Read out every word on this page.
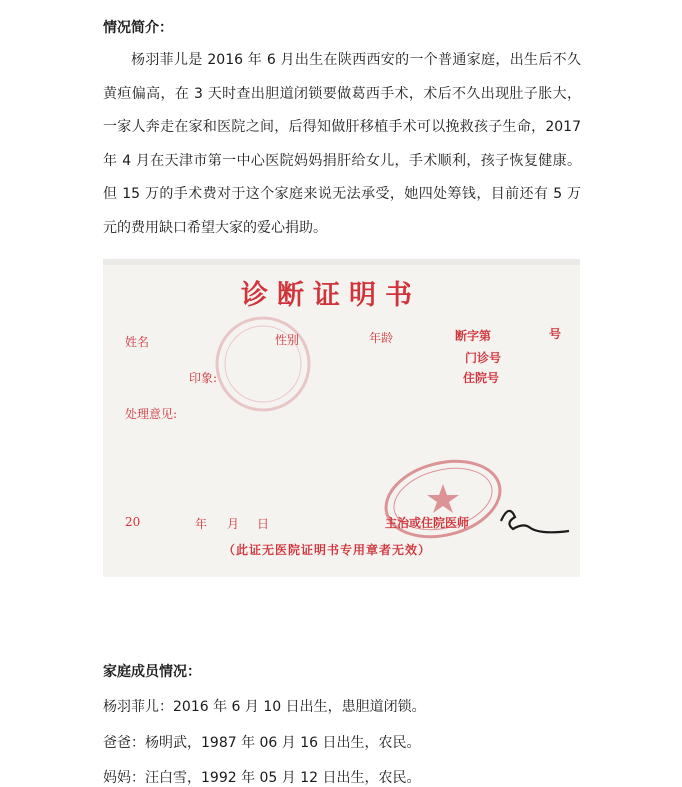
情况简介：
杨羽菲儿是 2016 年 6 月出生在陕西西安的一个普通家庭，出生后不久黄疸偏高，在 3 天时查出胆道闭锁要做葛西手术，术后不久出现肚子胀大，一家人奔走在家和医院之间，后得知做肝移植手术可以挽救孩子生命，2017 年 4 月在天津市第一中心医院妈妈捐肝给女儿，手术顺利，孩子恢复健康。但 15 万的手术费对于这个家庭来说无法承受，她四处筹钱，目前还有 5 万元的费用缺口希望大家的爱心捐助。
诊断证明书
姓名	性别	年龄	断字第	号
门诊号
印象:	住院号
处理意见:
20	年 月 日	主治或住院医师
（此证无医院证明书专用章者无效）
家庭成员情况：
杨羽菲儿：2016 年 6 月 10 日出生，患胆道闭锁。
爸爸：杨明武，1987 年 06 月 16 日出生，农民。
妈妈：汪白雪，1992 年 05 月 12 日出生，农民。
